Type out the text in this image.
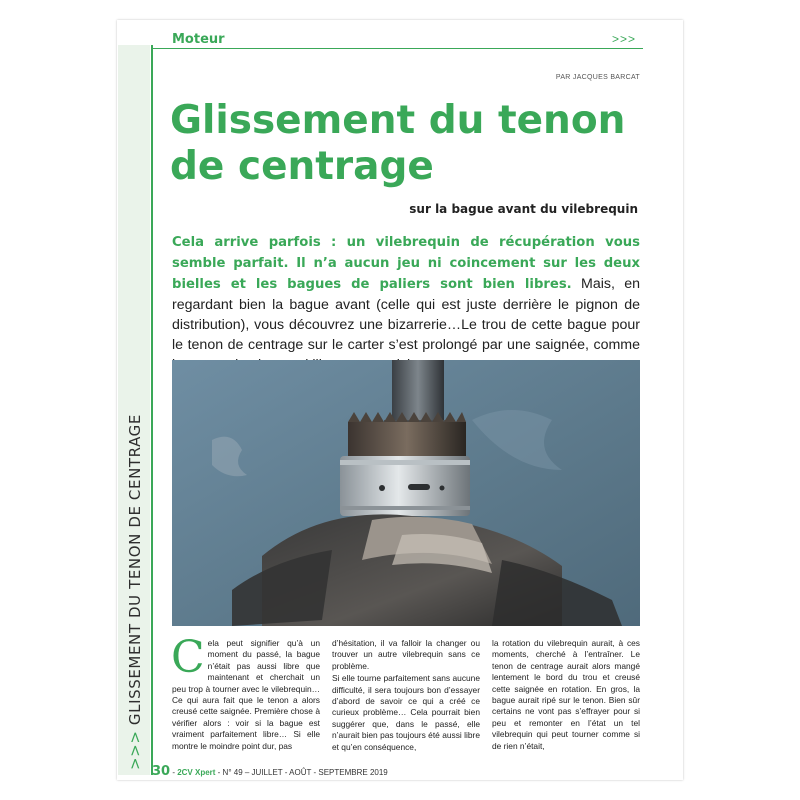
>>> GLISSEMENT DU TENON DE CENTRAGE
Moteur	>>>
PAR JACQUES BARCAT
Glissement du tenon de centrage
sur la bague avant du vilebrequin
Cela arrive parfois : un vilebrequin de récupération vous semble parfait. Il n’a aucun jeu ni coincement sur les deux bielles et les bagues de paliers sont bien libres. Mais, en regardant bien la bague avant (celle qui est juste derrière le pignon de distribution), vous découvrez une bizarrerie…Le trou de cette bague pour le tenon de centrage sur le carter s’est prolongé par une saignée, comme
C ela peut signifier qu’à un moment du passé, la bague n’était pas aussi libre que maintenant et cherchait un peu trop à tourner avec le vilebrequin… Ce qui aura fait que le tenon a alors creusé cette saignée. Première chose à vérifier alors : voir si la bague est vraiment parfaitement libre… Si elle montre le moindre point dur, pas

d’hésitation, il va falloir la changer ou trouver un autre vilebrequin sans ce problème.

Si elle tourne parfaitement sans aucune difficulté, il sera toujours bon d’essayer d’abord de savoir ce qui a créé ce curieux problème… Cela pourrait bien suggérer que, dans le passé, elle n’aurait bien pas toujours été aussi libre et qu’en conséquence,

la rotation du vilebrequin aurait, à ces moments, cherché à l’entraîner. Le tenon de centrage aurait alors mangé lentement le bord du trou et creusé cette saignée en rotation. En gros, la bague aurait ripé sur le tenon. Bien sûr certains ne vont pas s’effrayer pour si peu et remonter en l’état un tel vilebrequin qui peut tourner comme si de rien n’était,

30 - 2CV Xpert - N° 49 – JUILLET - AOÛT - SEPTEMBRE 2019
